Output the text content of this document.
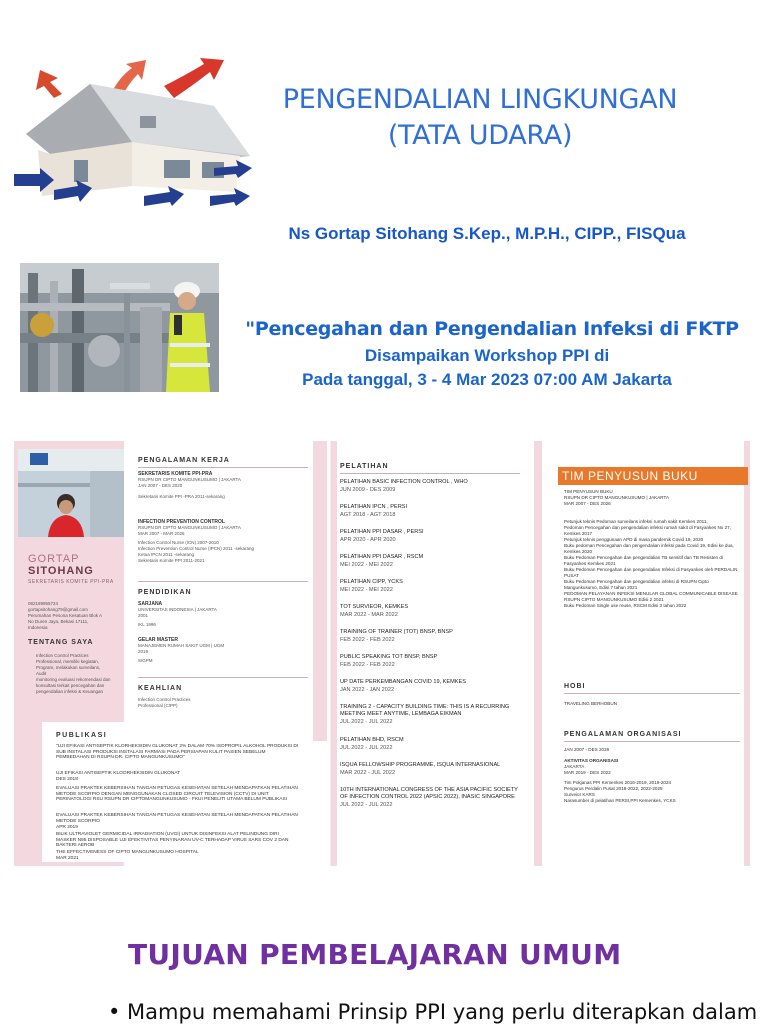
PENGENDALIAN LINGKUNGAN
(TATA UDARA)
Ns Gortap Sitohang S.Kep., M.P.H., CIPP., FISQua
"Pencegahan dan Pengendalian Infeksi di FKTP
Disampaikan Workshop PPI di
Pada tanggal, 3 - 4 Mar 2023 07:00 AM Jakarta
GORTAP
SITOHANG
SEKRETARIS KOMITE PPI-PRA
082189955724
gortapsitohang79@gmail.com
Perumahan Pesona Kesatuan Blok A
No Duren Jaya, Bekasi 17111,
Indonesia
TENTANG SAYA
Infection Control Practices
Professional, memiliki kegiatan,
Program, melakukan surveilans,
Audit
monitoring evaluasi rekomendasi dan
konsultasi terkait pencegahan dan
pengendalian infeksi & Keuangan
PENGALAMAN KERJA
SEKRETARIS KOMITE PPI-PRA
RSUPN DR CIPTO MANGUNKUSUMO | JAKARTA
JAN 2007 - DES 2020
Sekretaris Komite PPI -PRA 2011-sekarang
INFECTION PREVENTION CONTROL
RSUPN DR CIPTO MANGUNKUSUMO | JAKARTA
MAR 2007 - MAR 2026
Infection Control Nurse (ICN) 2007-2010
Infection Prevention Control Nurse (IPCN) 2011 -sekarang
Ketua IPCN 2011 -sekarang
Sekretaris Komite PPI 2011-2021
PENDIDIKAN
SARJANA
UNIVERSITAS INDONESIA | JAKARTA
2001
IKL 1996
GELAR MASTER
MANAJEMEN RUMAH SAKIT UGM | UGM
2019
SIGPM
KEAHLIAN
Infection Control Practices
Professional (CIPP)
PUBLIKASI
"UJI EFIKASI ANTISEPTIK KLORHEKSIDIN GLUKONAT 2% DALAM 70% ISOPROPIL ALKOHOL PRODUKSI DI SUB INSTALASI PRODUKSI INSTALASI FARMASI PADA PERSIAPAN KULIT PASIEN SEBELUM PEMBEDAHAN DI RSUPN DR. CIPTO MANGUNKUSUMO"
UJI EFIKASI ANTISEPTIK KLOORHEKSIDIN GLUKONAT
DES 2018
EVALUASI PRAKTEK KEBERSIHAN TANGAN PETUGAS KESEHATAN SETELAH MENDAPATKAN PELATIHAN METODE SCORPIO DENGAN MENGGUNAKAN CLOSED CIRCUIT TELEVISION (CCTV) DI UNIT PERINATOLOGI RSU RSUPN DR CIPTOMANGUNKUSUMO - FKUI PENELITI UTAMA BELUM PUBLIKASI
EVALUASI PRAKTEK KEBERSIHAN TANGAN PETUGAS KESEHATAN SETELAH MENDAPATKAN PELATIHAN METODE SCORPIO
APR 2019
BILIK ULTRAVIOLET GERMICIDAL IRRADIATION (UVGI) UNTUK DISINFEKSI ALAT PELINDUNG DIRI MASKER N95 DISPOSABLE UJI EFEKTIVITAS PENYINARAN UV-C TERHADAP VIRUS SARS COV 2 DAN BAKTERI AEROB
THE EFFECTIVENESS OF CIPTO MANGUNKUSUMO HOSPITAL
MAR 2021
PELATIHAN
PELATIHAN BASIC INFECTION CONTROL , WHO
JUN 2009 - DES 2009
PELATIHAN IPCN , PERSI
AGT 2018 - AGT 2018
PELATIHAN PPI DASAR , PERSI
APR 2020 - APR 2020
PELATIHAN PPI DASAR , RSCM
MEI 2022 - MEI 2022
PELATIHAN CIPP, YCKS
MEI 2022 - MEI 2022
TOT SURVIEOR, KEMKES
MAR 2022 - MAR 2022
TRAINING OF TRAINER (TOT) BNSP, BNSP
FEB 2022 - FEB 2022
PUBLIC SPEAKING TOT BNSP, BNSP
FEB 2022 - FEB 2022
UP DATE PERKEMBANGAN COVID 19, KEMKES
JAN 2022 - JAN 2022
TRAINING 2 - CAPACITY BUILDING TIME: THIS IS A RECURRING MEETING MEET ANYTIME, LEMBAGA EIKMAN
JUL 2022 - JUL 2022
PELATIHAN BHD, RSCM
JUL 2022 - JUL 2022
ISQUA FELLOWSHIP PROGRAMME, ISQUA INTERNASIONAL
MAR 2022 - JUL 2022
10TH INTERNATIONAL CONGRESS OF THE ASIA PACIFIC SOCIETY OF INFECTION CONTROL 2022 (APSIC 2022), INASIC SINGAPORE
JUL 2022 - JUL 2022
TIM PENYUSUN BUKU
TIM PENYUSUN BUKU
RSUPN DR CIPTO MANGUNKUSUMO | JAKARTA
MAR 2007 - DES 2026
Petunjuk teknis Pedoman surveilans infeksi rumah sakit Kemkes 2011,
Pedoman Pencegahan dan pengendalian infeksi rumah sakit di Fasyankes No 27, Kemkes 2017
Petunjuk teknis penggunaan APD di masa pandemik Covid 19, 2020
Buku pedoman Pencegahan dan pengendalian infeksi pada Covid 19, Edisi ke dua, Kemkes 2020
Buku Pedoman Pencegahan dan pengendalian TB sensitif dan TB Resisten di Fasyankes Kemkes 2021
Buku Pedoman Pencegahan dan pengendalian Infeksi di Fasyankes oleh PERDALIN PUSAT
Buku Pedoman Pencegahan dan pengendalian infeksi di RSUPN Cipto Mangunkusumo, Edisi 7 tahun 2021
PEDOMAN PELAYANAN INFEKSI MENULAR GLOBAL COMMUNICABLE DISEASE RSUPN CIPTO MANGUNKUSUMO Edisi 2 2021
Buku Pedoman Single use reuse, RSCM Edisi 3 tahun 2022
HOBI
TRAVELING BERHOBUN
PENGALAMAN ORGANISASI
JAN 2007 - DES 2026
AKTIVITAS ORGANISASI
JAKARTA
MAR 2019 - DES 2022
Tim Pokjanas PPI Kemenkes 2016-2019, 2019-2024
Pengurus Perdalin Pusat 2018-2022, 2022-2025
Surveior KARS
Narasumber di pelatihan PERSI,PPI Kemenkes, YCKS
TUJUAN PEMBELAJARAN UMUM
• Mampu memahami Prinsip PPI yang perlu diterapkan dalam
